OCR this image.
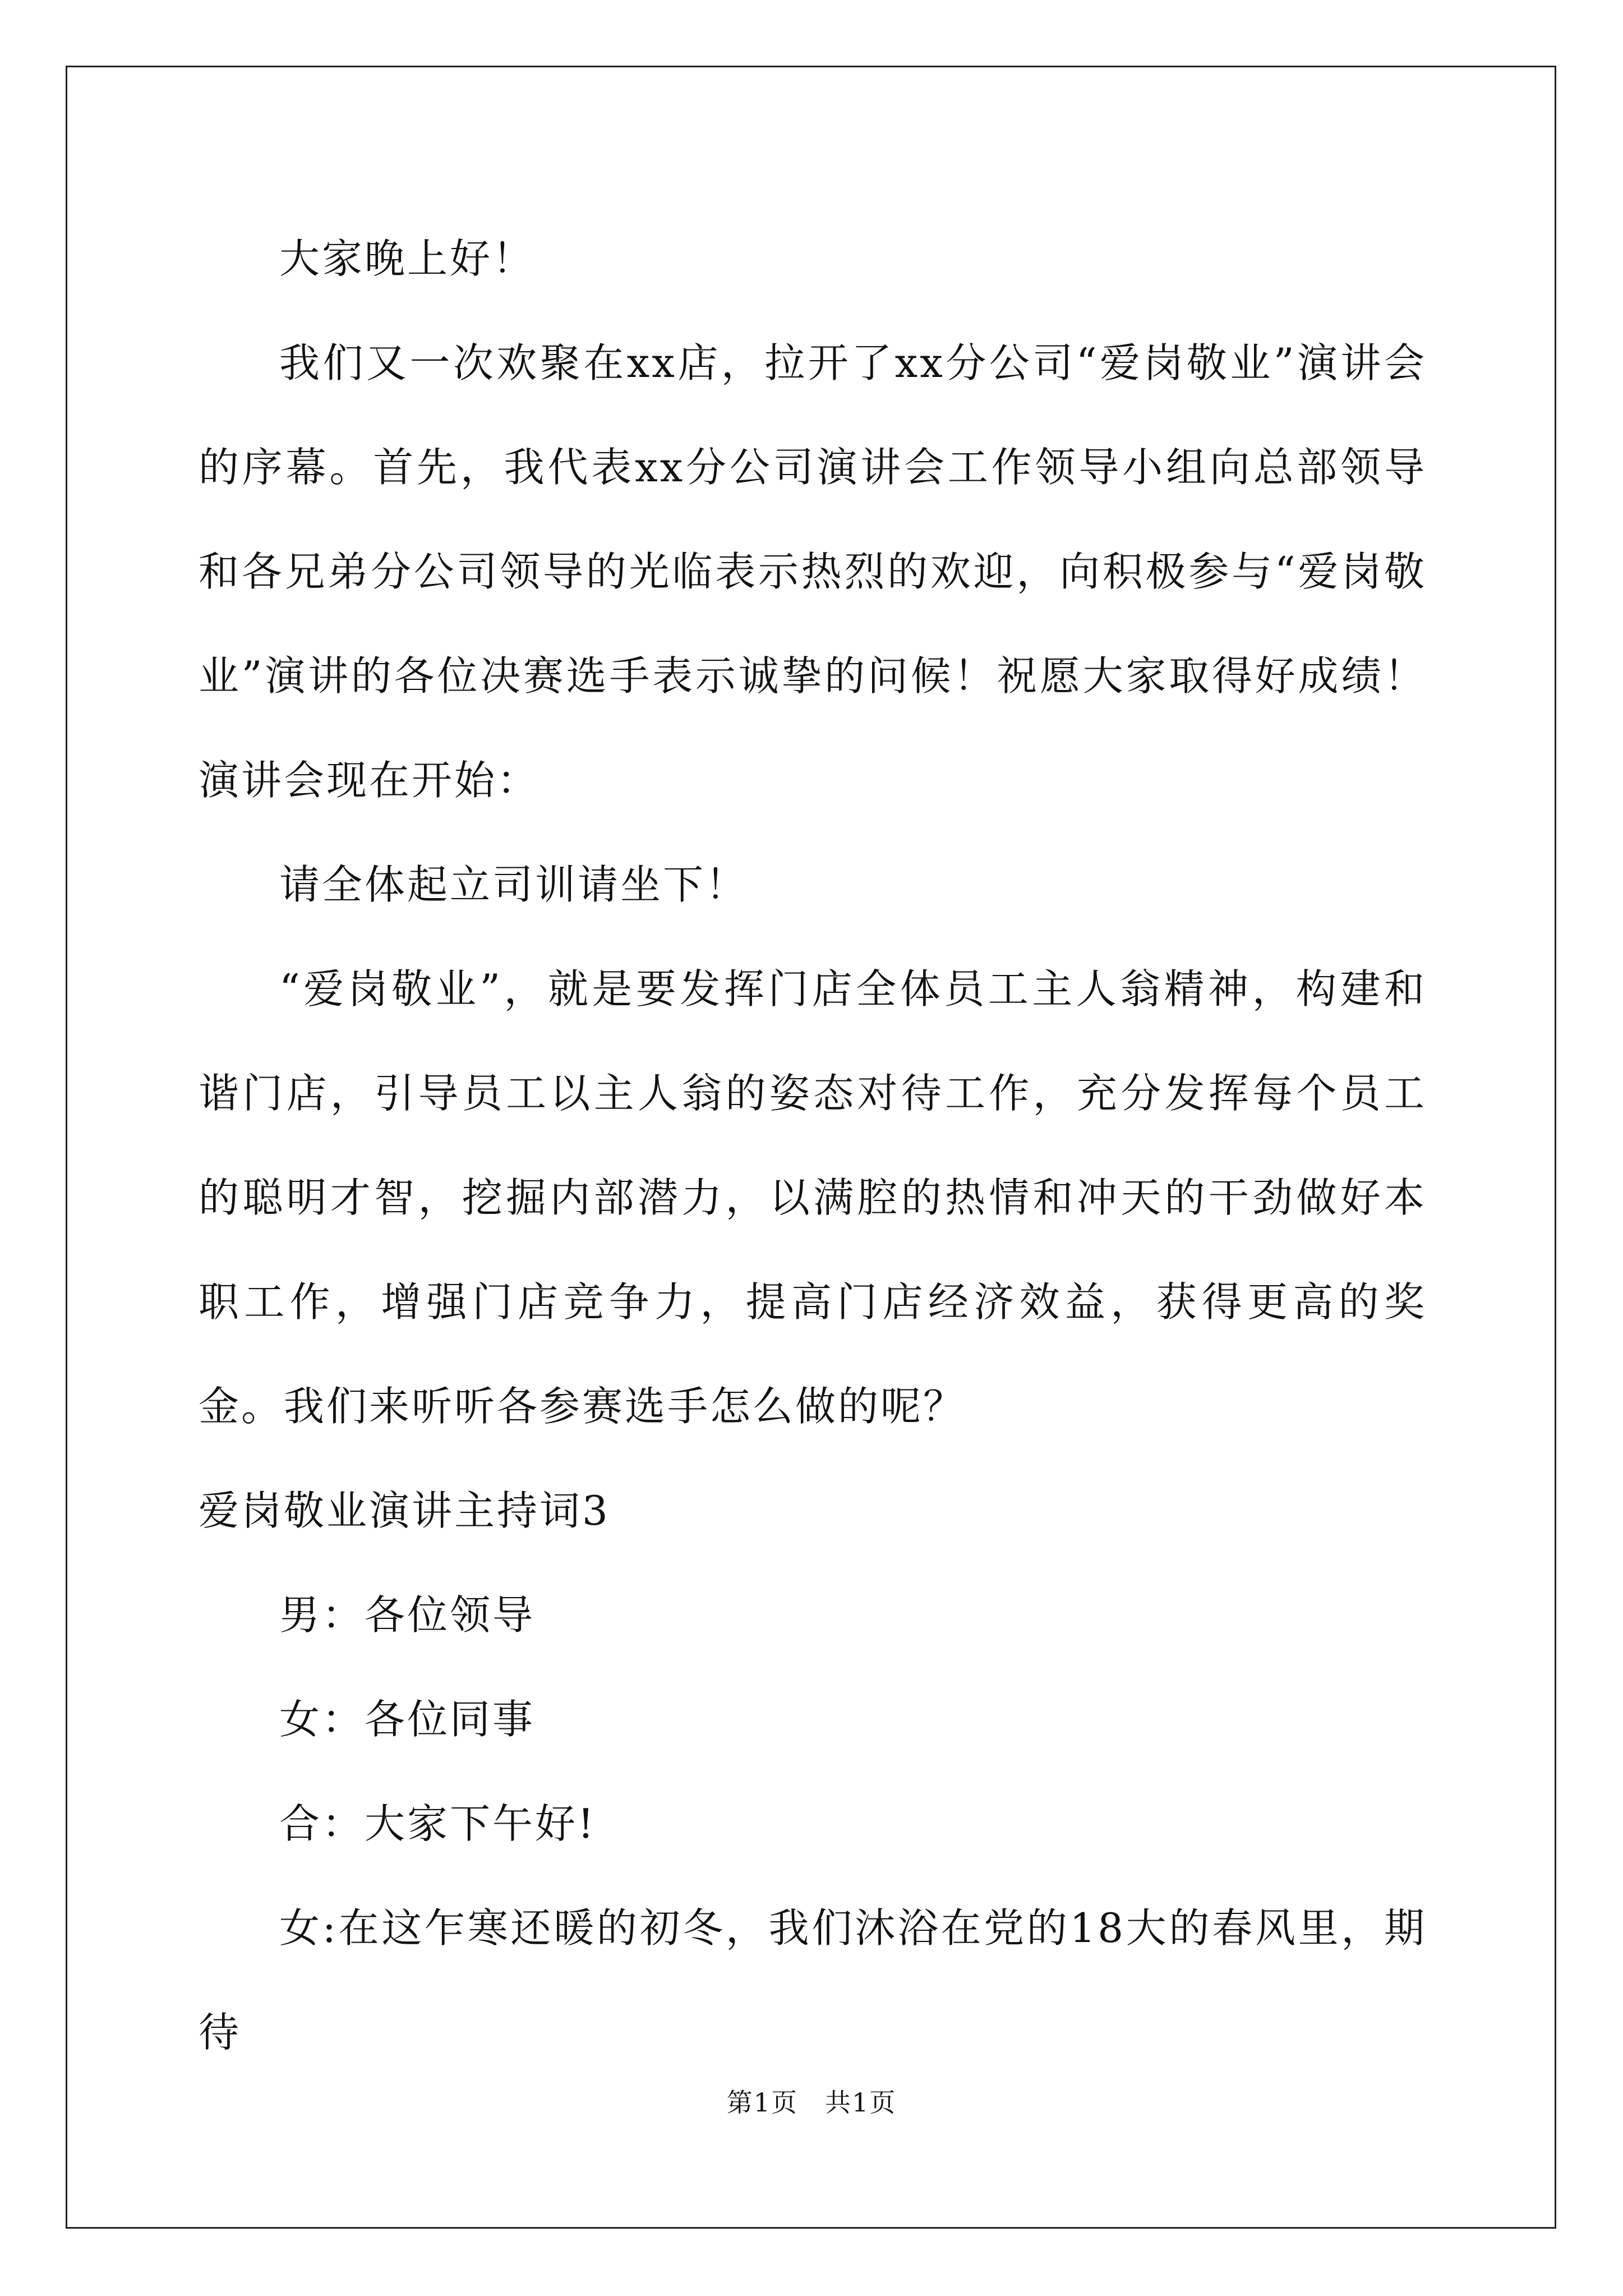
大家晚上好！

我们又一次欢聚在xx店，拉开了xx分公司“爱岗敬业”演讲会的序幕。首先，我代表xx分公司演讲会工作领导小组向总部领导和各兄弟分公司领导的光临表示热烈的欢迎，向积极参与“爱岗敬业”演讲的各位决赛选手表示诚挚的问候！祝愿大家取得好成绩！演讲会现在开始：

请全体起立司训请坐下！

“爱岗敬业”，就是要发挥门店全体员工主人翁精神，构建和谐门店，引导员工以主人翁的姿态对待工作，充分发挥每个员工的聪明才智，挖掘内部潜力，以满腔的热情和冲天的干劲做好本职工作，增强门店竞争力，提高门店经济效益，获得更高的奖金。我们来听听各参赛选手怎么做的呢？

爱岗敬业演讲主持词3

男：各位领导

女：各位同事

合：大家下午好!

女:在这乍寒还暖的初冬，我们沐浴在党的18大的春风里，期待

第1页　共1页
